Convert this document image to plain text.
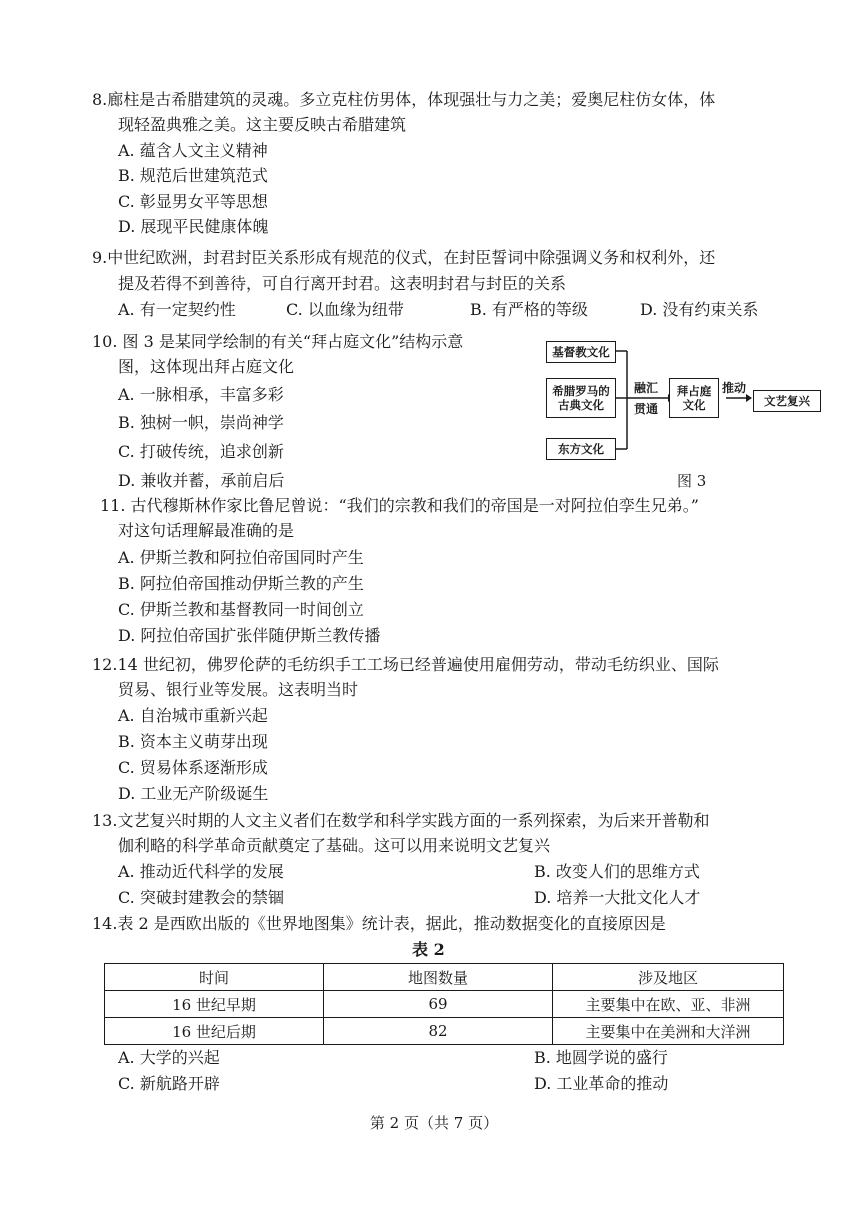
8.廊柱是古希腊建筑的灵魂。多立克柱仿男体，体现强壮与力之美；爱奥尼柱仿女体，体
现轻盈典雅之美。这主要反映古希腊建筑
A. 蕴含人文主义精神
B. 规范后世建筑范式
C. 彰显男女平等思想
D. 展现平民健康体魄
9.中世纪欧洲，封君封臣关系形成有规范的仪式，在封臣誓词中除强调义务和权利外，还
提及若得不到善待，可自行离开封君。这表明封君与封臣的关系
A. 有一定契约性	C. 以血缘为纽带	B. 有严格的等级	D. 没有约束关系
10. 图 3 是某同学绘制的有关“拜占庭文化”结构示意
图，这体现出拜占庭文化
A. 一脉相承，丰富多彩
B. 独树一帜，崇尚神学
C. 打破传统，追求创新
D. 兼收并蓄，承前启后
基督教文化
希腊罗马的古典文化
东方文化
融汇
贯通
拜占庭文化
推动
文艺复兴
图 3
11. 古代穆斯林作家比鲁尼曾说：“我们的宗教和我们的帝国是一对阿拉伯孪生兄弟。”
对这句话理解最准确的是
A. 伊斯兰教和阿拉伯帝国同时产生
B. 阿拉伯帝国推动伊斯兰教的产生
C. 伊斯兰教和基督教同一时间创立
D. 阿拉伯帝国扩张伴随伊斯兰教传播
12.14 世纪初，佛罗伦萨的毛纺织手工工场已经普遍使用雇佣劳动，带动毛纺织业、国际
贸易、银行业等发展。这表明当时
A. 自治城市重新兴起
B. 资本主义萌芽出现
C. 贸易体系逐渐形成
D. 工业无产阶级诞生
13.文艺复兴时期的人文主义者们在数学和科学实践方面的一系列探索，为后来开普勒和
伽利略的科学革命贡献奠定了基础。这可以用来说明文艺复兴
A. 推动近代科学的发展	B. 改变人们的思维方式
C. 突破封建教会的禁锢	D. 培养一大批文化人才
14.表 2 是西欧出版的《世界地图集》统计表，据此，推动数据变化的直接原因是
表 2
时间	地图数量	涉及地区
16 世纪早期	69	主要集中在欧、亚、非洲
16 世纪后期	82	主要集中在美洲和大洋洲
A. 大学的兴起	B. 地圆学说的盛行
C. 新航路开辟	D. 工业革命的推动
第 2 页（共 7 页）
